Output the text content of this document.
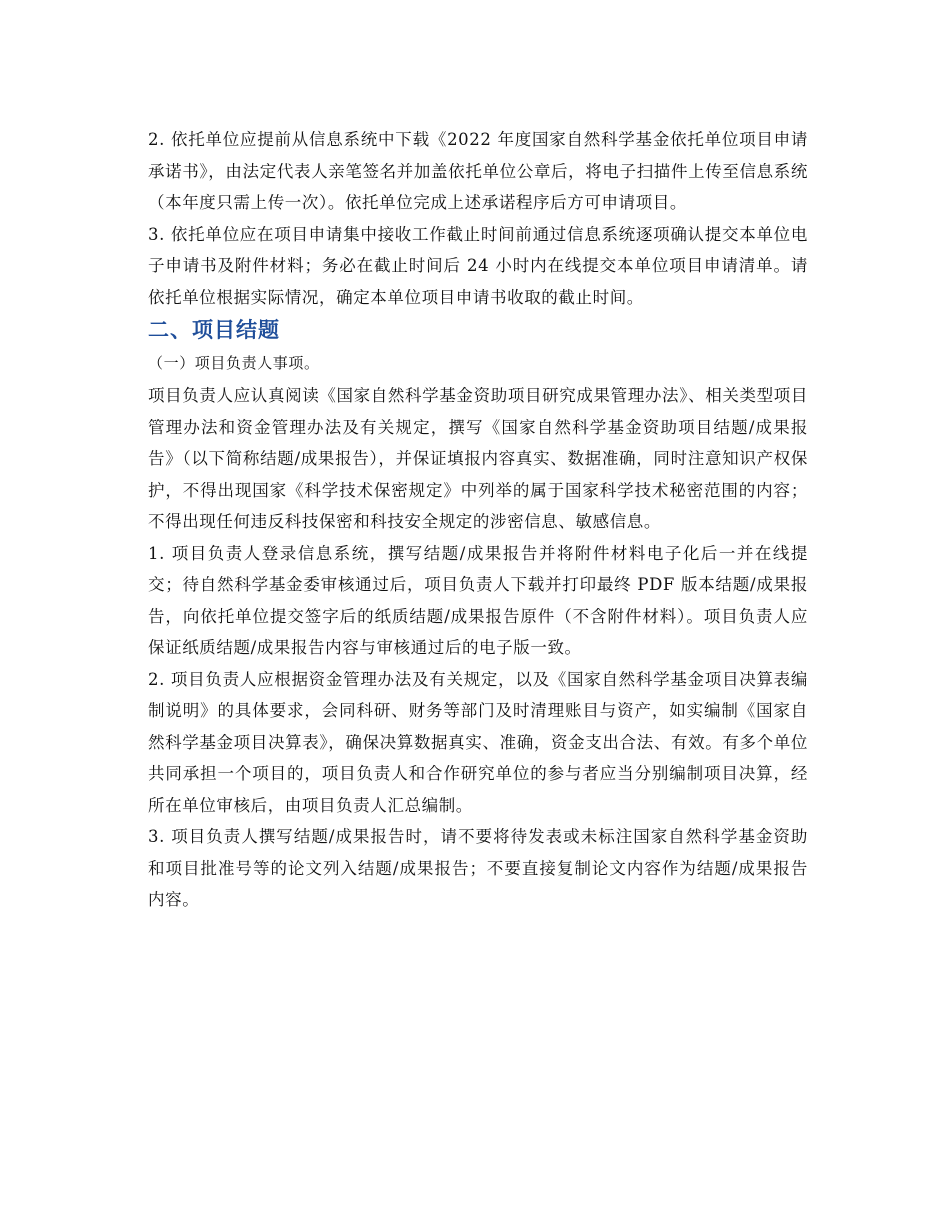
2. 依托单位应提前从信息系统中下载《2022 年度国家自然科学基金依托单位项目申请承诺书》，由法定代表人亲笔签名并加盖依托单位公章后，将电子扫描件上传至信息系统（本年度只需上传一次）。依托单位完成上述承诺程序后方可申请项目。

3. 依托单位应在项目申请集中接收工作截止时间前通过信息系统逐项确认提交本单位电子申请书及附件材料；务必在截止时间后 24 小时内在线提交本单位项目申请清单。请依托单位根据实际情况，确定本单位项目申请书收取的截止时间。

二、项目结题

（一）项目负责人事项。

项目负责人应认真阅读《国家自然科学基金资助项目研究成果管理办法》、相关类型项目管理办法和资金管理办法及有关规定，撰写《国家自然科学基金资助项目结题/成果报告》（以下简称结题/成果报告），并保证填报内容真实、数据准确，同时注意知识产权保护，不得出现国家《科学技术保密规定》中列举的属于国家科学技术秘密范围的内容；不得出现任何违反科技保密和科技安全规定的涉密信息、敏感信息。

1. 项目负责人登录信息系统，撰写结题/成果报告并将附件材料电子化后一并在线提交；待自然科学基金委审核通过后，项目负责人下载并打印最终 PDF 版本结题/成果报告，向依托单位提交签字后的纸质结题/成果报告原件（不含附件材料）。项目负责人应保证纸质结题/成果报告内容与审核通过后的电子版一致。

2. 项目负责人应根据资金管理办法及有关规定，以及《国家自然科学基金项目决算表编制说明》的具体要求，会同科研、财务等部门及时清理账目与资产，如实编制《国家自然科学基金项目决算表》，确保决算数据真实、准确，资金支出合法、有效。有多个单位共同承担一个项目的，项目负责人和合作研究单位的参与者应当分别编制项目决算，经所在单位审核后，由项目负责人汇总编制。

3. 项目负责人撰写结题/成果报告时，请不要将待发表或未标注国家自然科学基金资助和项目批准号等的论文列入结题/成果报告；不要直接复制论文内容作为结题/成果报告内容。
